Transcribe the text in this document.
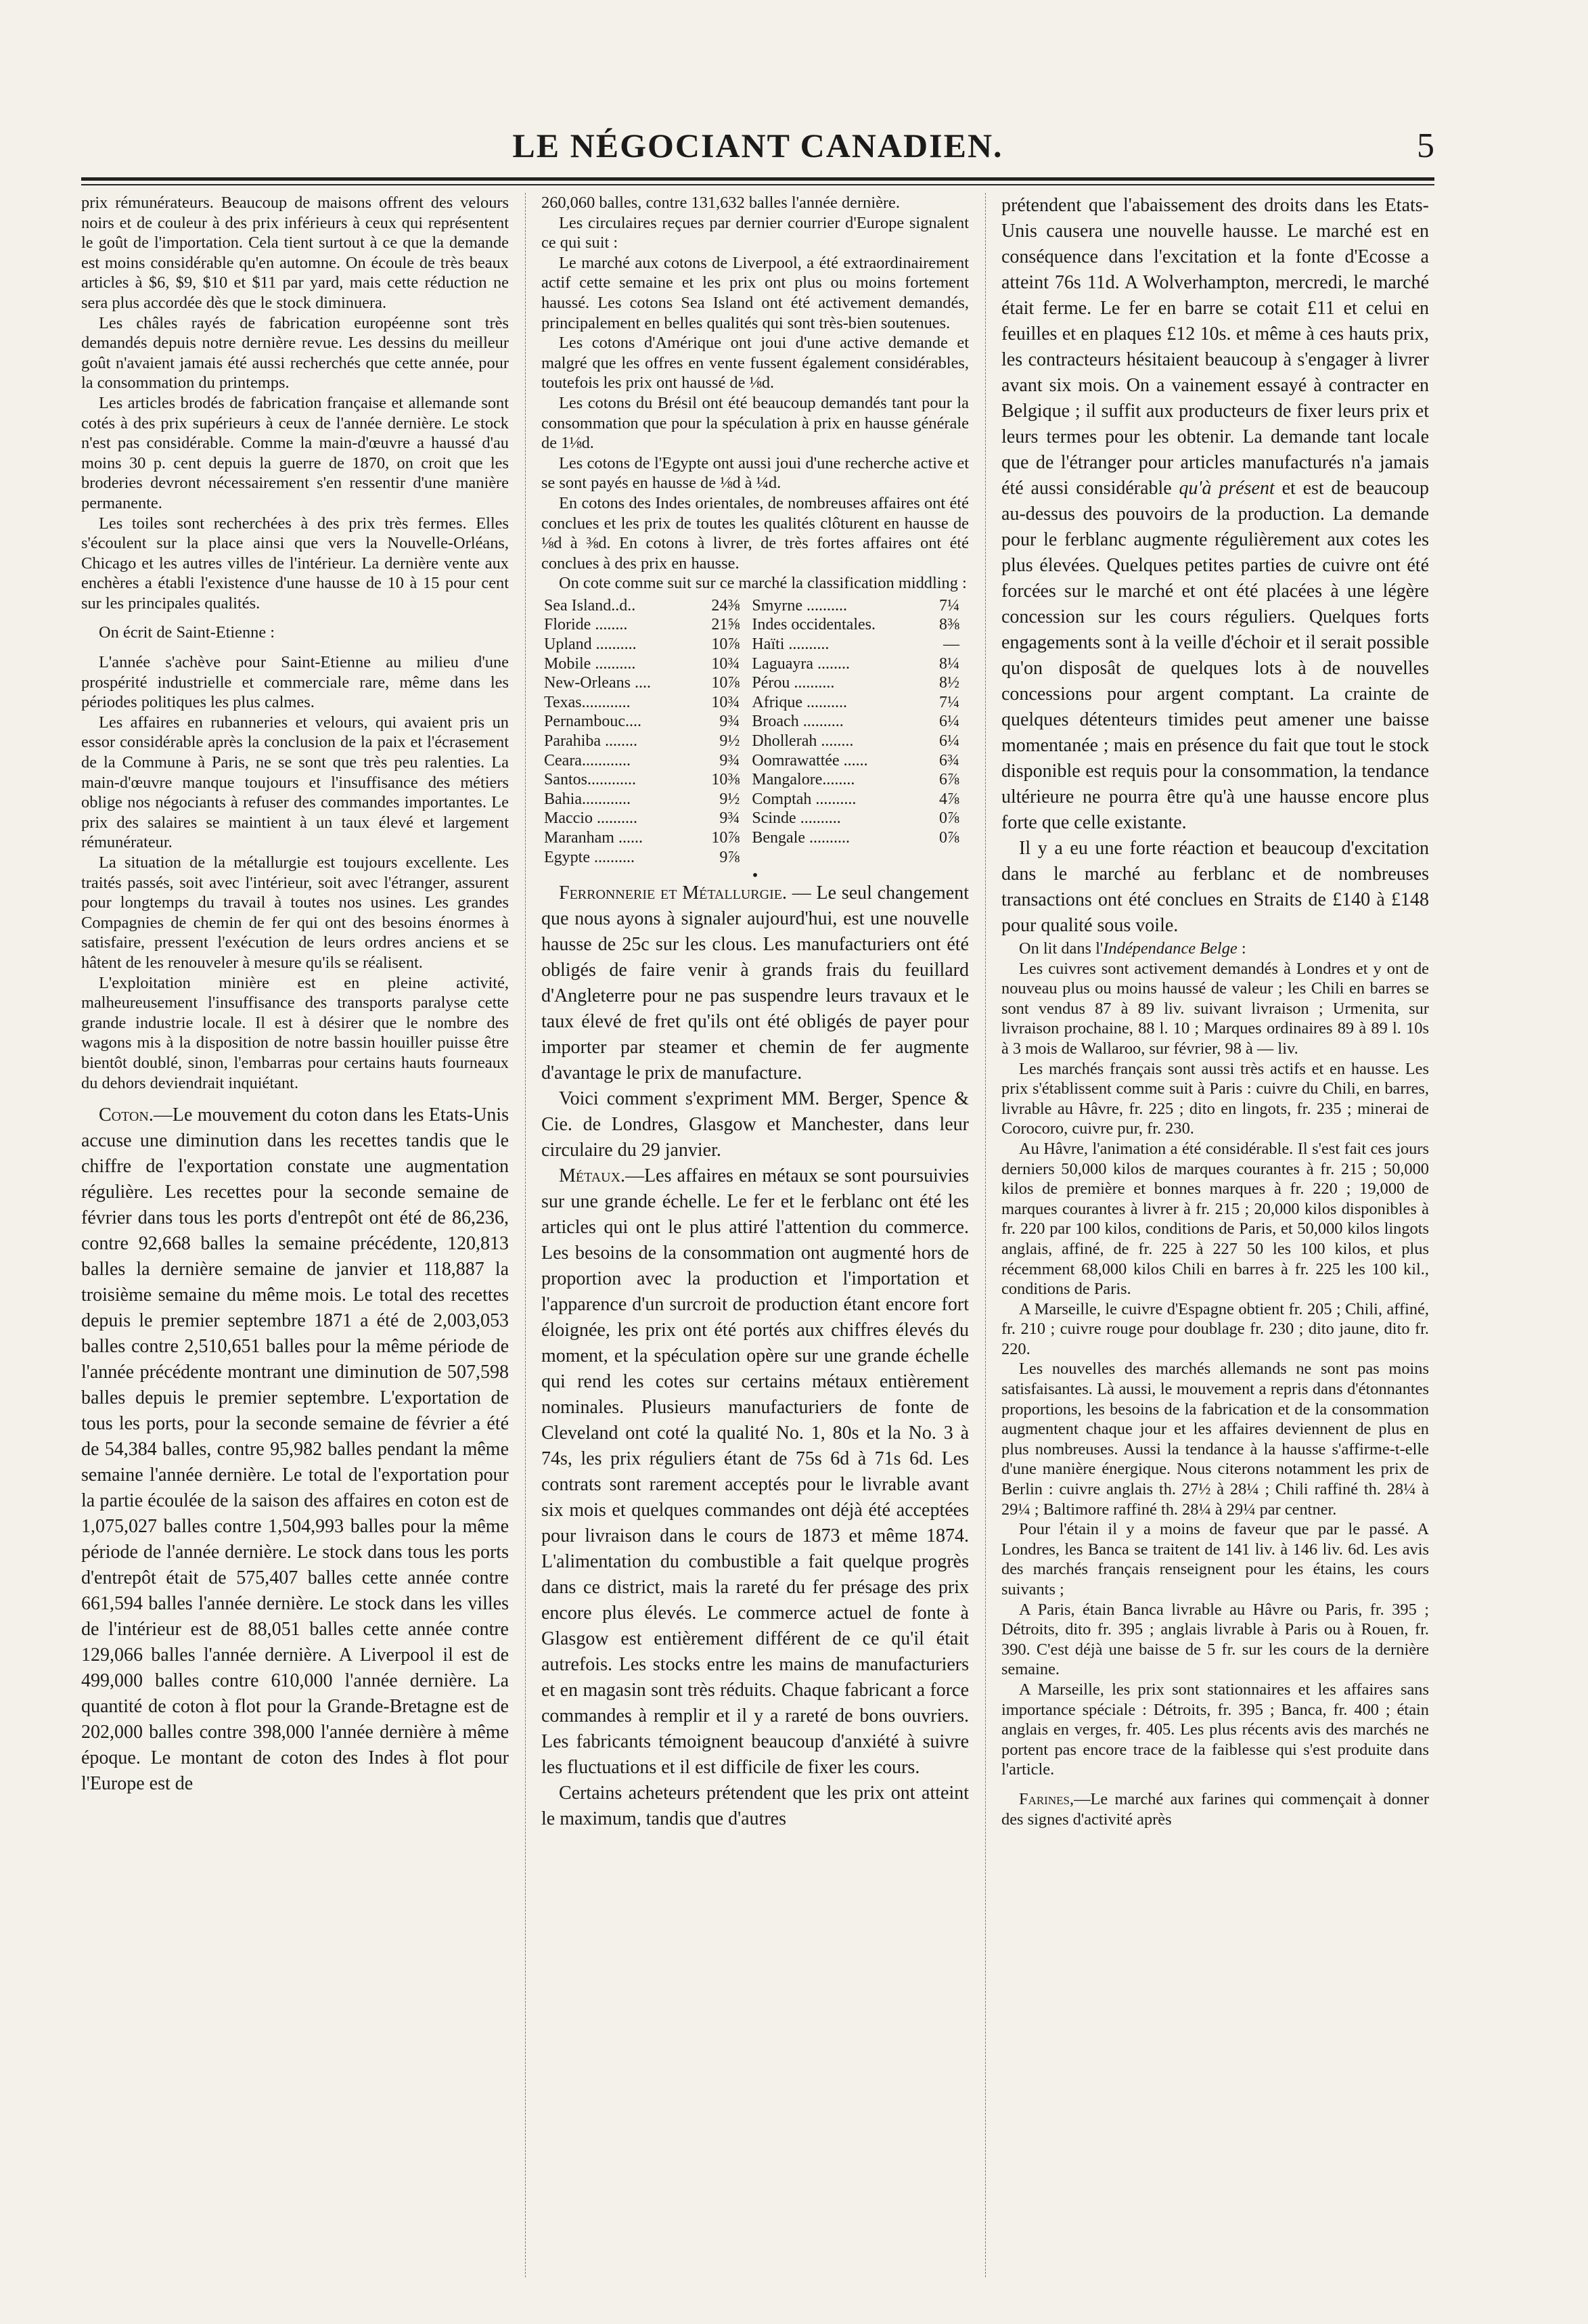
LE NÉGOCIANT CANADIEN.	5

prix rémunérateurs. Beaucoup de maisons offrent des velours noirs et de couleur à des prix inférieurs à ceux qui représentent le goût de l'importation. Cela tient surtout à ce que la demande est moins considérable qu'en automne. On écoule de très beaux articles à $6, $9, $10 et $11 par yard, mais cette réduction ne sera plus accordée dès que le stock diminuera.

Les châles rayés de fabrication européenne sont très demandés depuis notre dernière revue. Les dessins du meilleur goût n'avaient jamais été aussi recherchés que cette année, pour la consommation du printemps.

Les articles brodés de fabrication française et allemande sont cotés à des prix supérieurs à ceux de l'année dernière. Le stock n'est pas considérable. Comme la main-d'œuvre a haussé d'au moins 30 p. cent depuis la guerre de 1870, on croit que les broderies devront nécessairement s'en ressentir d'une manière permanente.

Les toiles sont recherchées à des prix très fermes. Elles s'écoulent sur la place ainsi que vers la Nouvelle-Orléans, Chicago et les autres villes de l'intérieur. La dernière vente aux enchères a établi l'existence d'une hausse de 10 à 15 pour cent sur les principales qualités.

On écrit de Saint-Etienne :

L'année s'achève pour Saint-Etienne au milieu d'une prospérité industrielle et commerciale rare, même dans les périodes politiques les plus calmes.

Les affaires en rubanneries et velours, qui avaient pris un essor considérable après la conclusion de la paix et l'écrasement de la Commune à Paris, ne se sont que très peu ralenties. La main-d'œuvre manque toujours et l'insuffisance des métiers oblige nos négociants à refuser des commandes importantes. Le prix des salaires se maintient à un taux élevé et largement rémunérateur.

La situation de la métallurgie est toujours excellente. Les traités passés, soit avec l'intérieur, soit avec l'étranger, assurent pour longtemps du travail à toutes nos usines. Les grandes Compagnies de chemin de fer qui ont des besoins énormes à satisfaire, pressent l'exécution de leurs ordres anciens et se hâtent de les renouveler à mesure qu'ils se réalisent.

L'exploitation minière est en pleine activité, malheureusement l'insuffisance des transports paralyse cette grande industrie locale. Il est à désirer que le nombre des wagons mis à la disposition de notre bassin houiller puisse être bientôt doublé, sinon, l'embarras pour certains hauts fourneaux du dehors deviendrait inquiétant.

Coton.—Le mouvement du coton dans les Etats-Unis accuse une diminution dans les recettes tandis que le chiffre de l'exportation constate une augmentation régulière. Les recettes pour la seconde semaine de février dans tous les ports d'entrepôt ont été de 86,236, contre 92,668 balles la semaine précédente, 120,813 balles la dernière semaine de janvier et 118,887 la troisième semaine du même mois. Le total des recettes depuis le premier septembre 1871 a été de 2,003,053 balles contre 2,510,651 balles pour la même période de l'année précédente montrant une diminution de 507,598 balles depuis le premier septembre. L'exportation de tous les ports, pour la seconde semaine de février a été de 54,384 balles, contre 95,982 balles pendant la même semaine l'année dernière. Le total de l'exportation pour la partie écoulée de la saison des affaires en coton est de 1,075,027 balles contre 1,504,993 balles pour la même période de l'année dernière. Le stock dans tous les ports d'entrepôt était de 575,407 balles cette année contre 661,594 balles l'année dernière. Le stock dans les villes de l'intérieur est de 88,051 balles cette année contre 129,066 balles l'année dernière. A Liverpool il est de 499,000 balles contre 610,000 l'année dernière. La quantité de coton à flot pour la Grande-Bretagne est de 202,000 balles contre 398,000 l'année dernière à même époque. Le montant de coton des Indes à flot pour l'Europe est de

260,060 balles, contre 131,632 balles l'année dernière.

Les circulaires reçues par dernier courrier d'Europe signalent ce qui suit :

Le marché aux cotons de Liverpool, a été extraordinairement actif cette semaine et les prix ont plus ou moins fortement haussé. Les cotons Sea Island ont été activement demandés, principalement en belles qualités qui sont très-bien soutenues.

Les cotons d'Amérique ont joui d'une active demande et malgré que les offres en vente fussent également considérables, toutefois les prix ont haussé de ⅛d.

Les cotons du Brésil ont été beaucoup demandés tant pour la consommation que pour la spéculation à prix en hausse générale de 1⅛d.

Les cotons de l'Egypte ont aussi joui d'une recherche active et se sont payés en hausse de ⅛d à ¼d.

En cotons des Indes orientales, de nombreuses affaires ont été conclues et les prix de toutes les qualités clôturent en hausse de ⅛d à ⅜d. En cotons à livrer, de très fortes affaires ont été conclues à des prix en hausse.

On cote comme suit sur ce marché la classification middling :

Sea Island..d..	24⅜	Smyrne ..........	7¼
Floride ........	21⅝	Indes occidentales.	8⅜
Upland ..........	10⅞	Haïti ..........	—
Mobile ..........	10¾	Laguayra ........	8¼
New-Orleans ....	10⅞	Pérou ..........	8½
Texas............	10¾	Afrique ..........	7¼
Pernambouc....	9¾	Broach ..........	6¼
Parahiba ........	9½	Dhollerah ........	6¼
Ceara............	9¾	Oomrawattée ......	6¾
Santos............	10⅜	Mangalore........	6⅞
Bahia............	9½	Comptah ..........	4⅞
Maccio ..........	9¾	Scinde ..........	0⅞
Maranham ......	10⅞	Bengale ..........	0⅞
Egypte ..........	9⅞		
•

Ferronnerie et Métallurgie. — Le seul changement que nous ayons à signaler aujourd'hui, est une nouvelle hausse de 25c sur les clous. Les manufacturiers ont été obligés de faire venir à grands frais du feuillard d'Angleterre pour ne pas suspendre leurs travaux et le taux élevé de fret qu'ils ont été obligés de payer pour importer par steamer et chemin de fer augmente d'avantage le prix de manufacture.

Voici comment s'expriment MM. Berger, Spence & Cie. de Londres, Glasgow et Manchester, dans leur circulaire du 29 janvier.

Métaux.—Les affaires en métaux se sont poursuivies sur une grande échelle. Le fer et le ferblanc ont été les articles qui ont le plus attiré l'attention du commerce. Les besoins de la consommation ont augmenté hors de proportion avec la production et l'importation et l'apparence d'un surcroit de production étant encore fort éloignée, les prix ont été portés aux chiffres élevés du moment, et la spéculation opère sur une grande échelle qui rend les cotes sur certains métaux entièrement nominales. Plusieurs manufacturiers de fonte de Cleveland ont coté la qualité No. 1, 80s et la No. 3 à 74s, les prix réguliers étant de 75s 6d à 71s 6d. Les contrats sont rarement acceptés pour le livrable avant six mois et quelques commandes ont déjà été acceptées pour livraison dans le cours de 1873 et même 1874. L'alimentation du combustible a fait quelque progrès dans ce district, mais la rareté du fer présage des prix encore plus élevés. Le commerce actuel de fonte à Glasgow est entièrement différent de ce qu'il était autrefois. Les stocks entre les mains de manufacturiers et en magasin sont très réduits. Chaque fabricant a force commandes à remplir et il y a rareté de bons ouvriers. Les fabricants témoignent beaucoup d'anxiété à suivre les fluctuations et il est difficile de fixer les cours.

Certains acheteurs prétendent que les prix ont atteint le maximum, tandis que d'autres

prétendent que l'abaissement des droits dans les Etats-Unis causera une nouvelle hausse. Le marché est en conséquence dans l'excitation et la fonte d'Ecosse a atteint 76s 11d. A Wolverhampton, mercredi, le marché était ferme. Le fer en barre se cotait £11 et celui en feuilles et en plaques £12 10s. et même à ces hauts prix, les contracteurs hésitaient beaucoup à s'engager à livrer avant six mois. On a vainement essayé à contracter en Belgique ; il suffit aux producteurs de fixer leurs prix et leurs termes pour les obtenir. La demande tant locale que de l'étranger pour articles manufacturés n'a jamais été aussi considérable qu'à présent et est de beaucoup au-dessus des pouvoirs de la production. La demande pour le ferblanc augmente régulièrement aux cotes les plus élevées. Quelques petites parties de cuivre ont été forcées sur le marché et ont été placées à une légère concession sur les cours réguliers. Quelques forts engagements sont à la veille d'échoir et il serait possible qu'on disposât de quelques lots à de nouvelles concessions pour argent comptant. La crainte de quelques détenteurs timides peut amener une baisse momentanée ; mais en présence du fait que tout le stock disponible est requis pour la consommation, la tendance ultérieure ne pourra être qu'à une hausse encore plus forte que celle existante.

Il y a eu une forte réaction et beaucoup d'excitation dans le marché au ferblanc et de nombreuses transactions ont été conclues en Straits de £140 à £148 pour qualité sous voile.

On lit dans l'Indépendance Belge :

Les cuivres sont activement demandés à Londres et y ont de nouveau plus ou moins haussé de valeur ; les Chili en barres se sont vendus 87 à 89 liv. suivant livraison ; Urmenita, sur livraison prochaine, 88 l. 10 ; Marques ordinaires 89 à 89 l. 10s à 3 mois de Wallaroo, sur février, 98 à — liv.

Les marchés français sont aussi très actifs et en hausse. Les prix s'établissent comme suit à Paris : cuivre du Chili, en barres, livrable au Hâvre, fr. 225 ; dito en lingots, fr. 235 ; minerai de Corocoro, cuivre pur, fr. 230.

Au Hâvre, l'animation a été considérable. Il s'est fait ces jours derniers 50,000 kilos de marques courantes à fr. 215 ; 50,000 kilos de première et bonnes marques à fr. 220 ; 19,000 de marques courantes à livrer à fr. 215 ; 20,000 kilos disponibles à fr. 220 par 100 kilos, conditions de Paris, et 50,000 kilos lingots anglais, affiné, de fr. 225 à 227 50 les 100 kilos, et plus récemment 68,000 kilos Chili en barres à fr. 225 les 100 kil., conditions de Paris.

A Marseille, le cuivre d'Espagne obtient fr. 205 ; Chili, affiné, fr. 210 ; cuivre rouge pour doublage fr. 230 ; dito jaune, dito fr. 220.

Les nouvelles des marchés allemands ne sont pas moins satisfaisantes. Là aussi, le mouvement a repris dans d'étonnantes proportions, les besoins de la fabrication et de la consommation augmentent chaque jour et les affaires deviennent de plus en plus nombreuses. Aussi la tendance à la hausse s'affirme-t-elle d'une manière énergique. Nous citerons notamment les prix de Berlin : cuivre anglais th. 27½ à 28¼ ; Chili raffiné th. 28¼ à 29¼ ; Baltimore raffiné th. 28¼ à 29¼ par centner.

Pour l'étain il y a moins de faveur que par le passé. A Londres, les Banca se traitent de 141 liv. à 146 liv. 6d. Les avis des marchés français renseignent pour les étains, les cours suivants ;

A Paris, étain Banca livrable au Hâvre ou Paris, fr. 395 ; Détroits, dito fr. 395 ; anglais livrable à Paris ou à Rouen, fr. 390. C'est déjà une baisse de 5 fr. sur les cours de la dernière semaine.

A Marseille, les prix sont stationnaires et les affaires sans importance spéciale : Détroits, fr. 395 ; Banca, fr. 400 ; étain anglais en verges, fr. 405. Les plus récents avis des marchés ne portent pas encore trace de la faiblesse qui s'est produite dans l'article.

Farines,—Le marché aux farines qui commençait à donner des signes d'activité après
